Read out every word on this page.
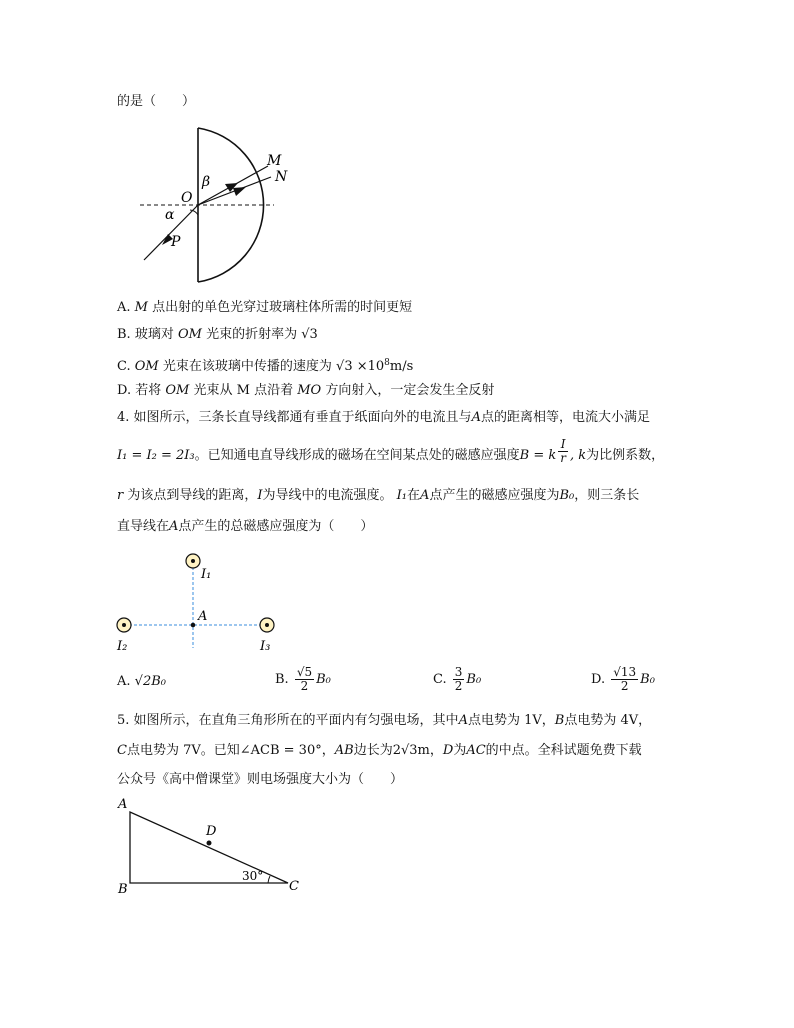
的是（　　）
M
N
O
β
α
P
I₁
I₂	I₃
A
A
B	C
D
30°
A. M 点出射的单色光穿过玻璃柱体所需的时间更短
B. 玻璃对 OM 光束的折射率为 √3
C. OM 光束在该玻璃中传播的速度为 $√3 \times 10^8m/s$
D. 若将 OM 光束从 M 点沿着 MO 方向射入，一定会发生全反射
4. 如图所示，三条长直导线都通有垂直于纸面向外的电流且与A点的距离相等，电流大小满足
I₁ = I₂ = 2I₃。已知通电直导线形成的磁场在空间某点处的磁感应强度B = k $\frac{I}{r}$ , k为比例系数，
r 为该点到导线的距离，I为导线中的电流强度。 I₁在A点产生的磁感应强度为B₀，则三条长
直导线在A点产生的总磁感应强度为（　　）
A. √2B₀	B. $\frac{√5}{2} B_0$	C. $\frac{3}{2} B_0$	D. $\frac{√13}{2} B_0$
5. 如图所示，在直角三角形所在的平面内有匀强电场，其中A点电势为 1V，B点电势为 4V，
C点电势为 7V。已知∠ACB = 30°，AB边长为2√3m，D为AC的中点。全科试题免费下载
公众号《高中僧课堂》则电场强度大小为（　　）
